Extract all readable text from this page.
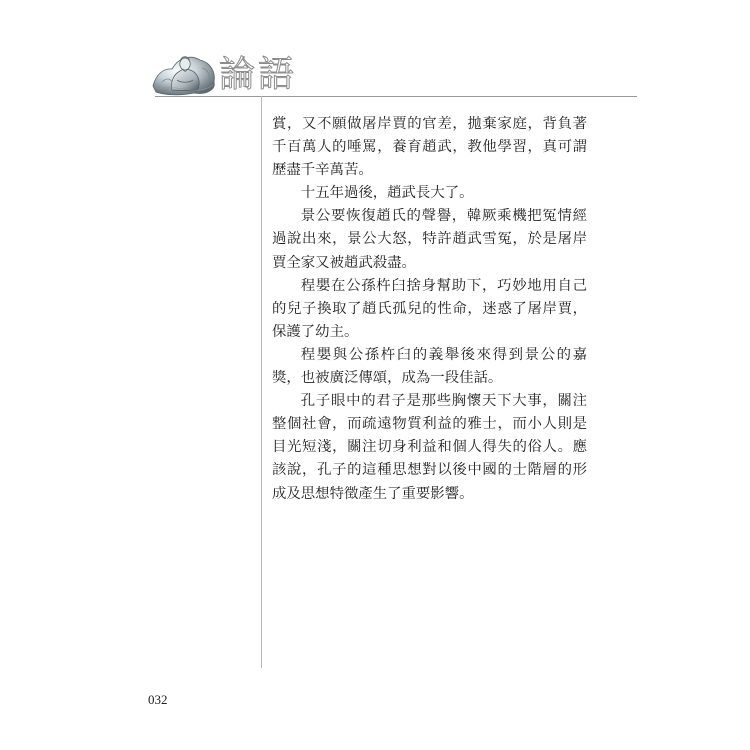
論語

賞，又不願做屠岸賈的官差，拋棄家庭，背負著千百萬人的唾罵，養育趙武，教他學習，真可謂歷盡千辛萬苦。

十五年過後，趙武長大了。

景公要恢復趙氏的聲譽，韓厥乘機把冤情經過說出來，景公大怒，特許趙武雪冤，於是屠岸賈全家又被趙武殺盡。

程嬰在公孫杵臼捨身幫助下，巧妙地用自己的兒子換取了趙氏孤兒的性命，迷惑了屠岸賈，保護了幼主。

程嬰與公孫杵臼的義舉後來得到景公的嘉獎，也被廣泛傳頌，成為一段佳話。

孔子眼中的君子是那些胸懷天下大事，關注整個社會，而疏遠物質利益的雅士，而小人則是目光短淺，關注切身利益和個人得失的俗人。應該說，孔子的這種思想對以後中國的士階層的形成及思想特徵產生了重要影響。

032
